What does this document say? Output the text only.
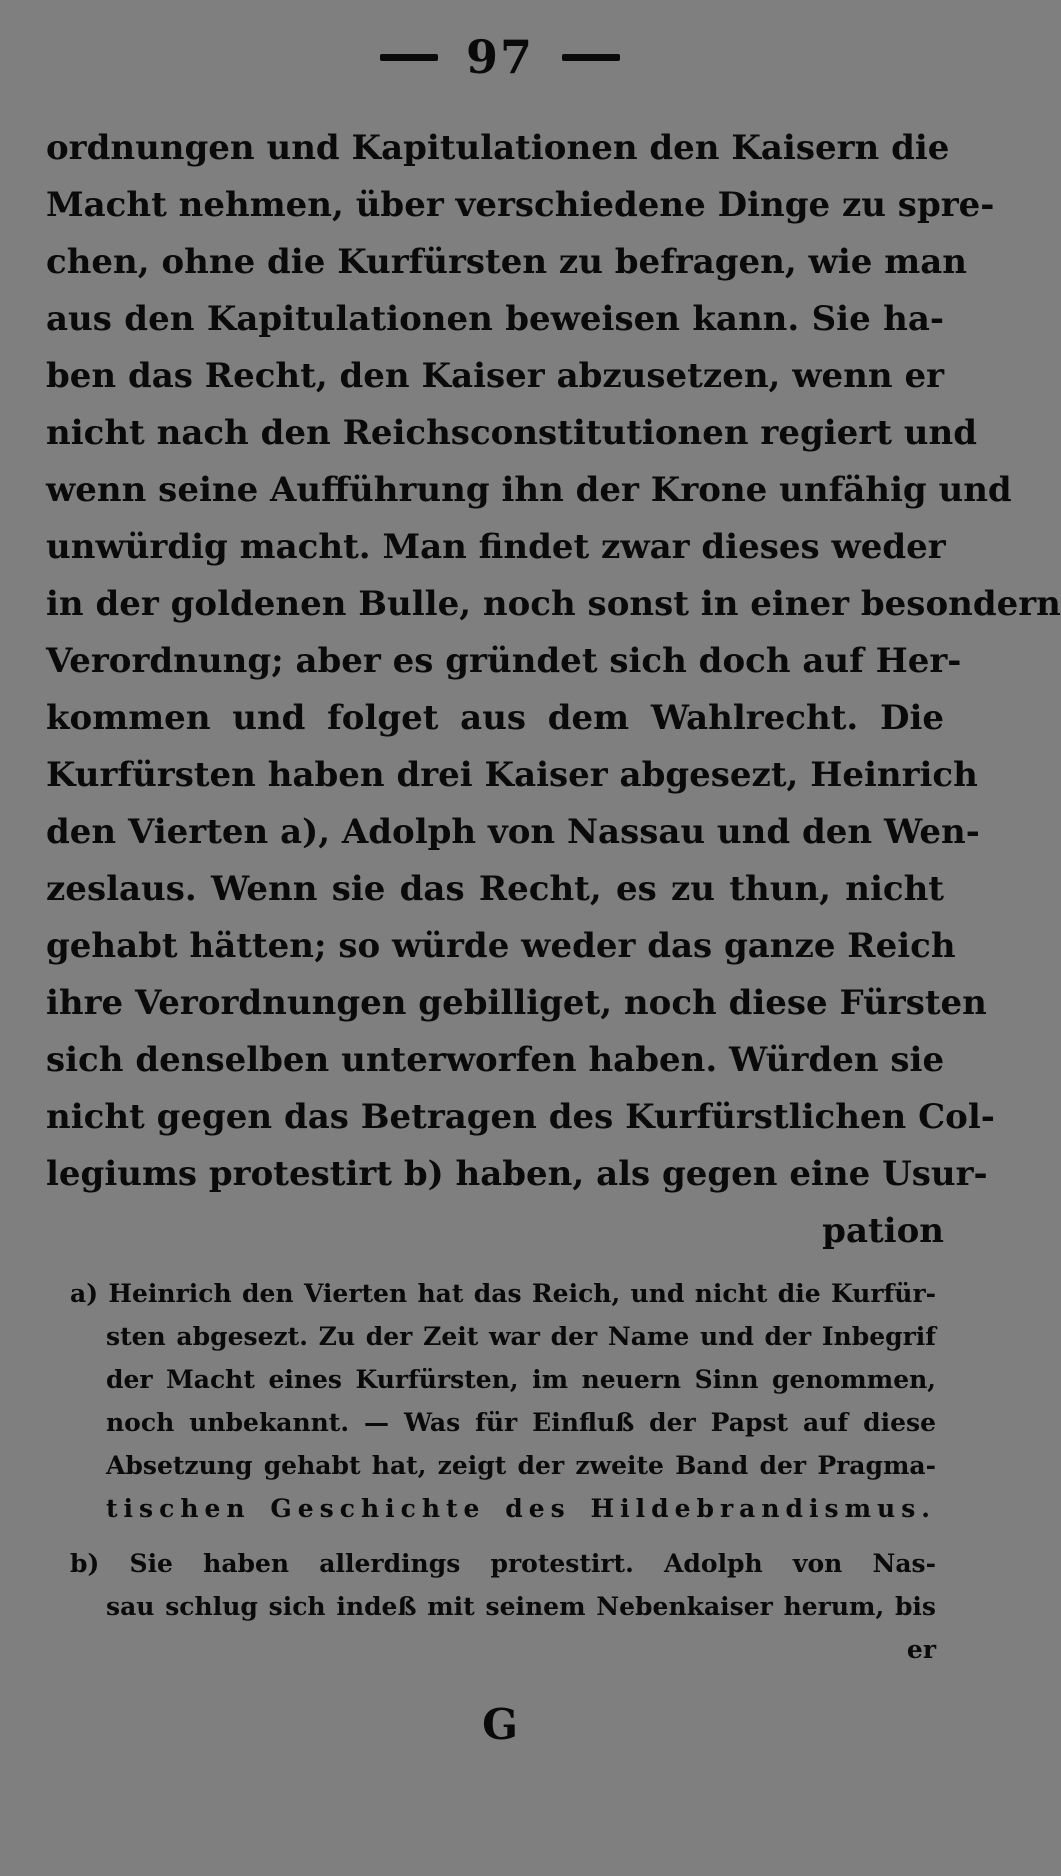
97
ordnungen und Kapitulationen den Kaisern die
Macht nehmen, über verschiedene Dinge zu spre-
chen, ohne die Kurfürsten zu befragen, wie man
aus den Kapitulationen beweisen kann. Sie ha-
ben das Recht, den Kaiser abzusetzen, wenn er
nicht nach den Reichsconstitutionen regiert und
wenn seine Aufführung ihn der Krone unfähig und
unwürdig macht. Man findet zwar dieses weder
in der goldenen Bulle, noch sonst in einer besondern
Verordnung; aber es gründet sich doch auf Her-
kommen und folget aus dem Wahlrecht. Die
Kurfürsten haben drei Kaiser abgesezt, Heinrich
den Vierten a), Adolph von Nassau und den Wen-
zeslaus. Wenn sie das Recht, es zu thun, nicht
gehabt hätten; so würde weder das ganze Reich
ihre Verordnungen gebilliget, noch diese Fürsten
sich denselben unterworfen haben. Würden sie
nicht gegen das Betragen des Kurfürstlichen Col-
legiums protestirt b) haben, als gegen eine Usur-
pation
a) Heinrich den Vierten hat das Reich, und nicht die Kurfür-
sten abgesezt. Zu der Zeit war der Name und der Inbegrif
der Macht eines Kurfürsten, im neuern Sinn genommen,
noch unbekannt. — Was für Einfluß der Papst auf diese
Absetzung gehabt hat, zeigt der zweite Band der Pragma-
tischen Geschichte des Hildebrandismus.
b) Sie haben allerdings protestirt. Adolph von Nas-
sau schlug sich indeß mit seinem Nebenkaiser herum, bis
er
G
